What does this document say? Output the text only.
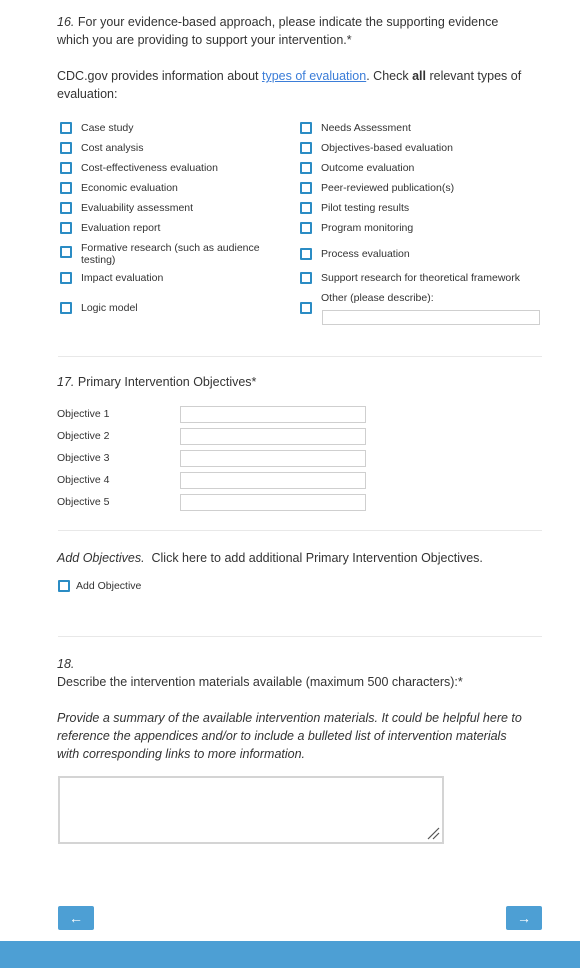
16. For your evidence-based approach, please indicate the supporting evidence which you are providing to support your intervention.*
CDC.gov provides information about types of evaluation. Check all relevant types of evaluation:
Case study
Cost analysis
Cost-effectiveness evaluation
Economic evaluation
Evaluability assessment
Evaluation report
Formative research (such as audience testing)
Impact evaluation
Logic model
Needs Assessment
Objectives-based evaluation
Outcome evaluation
Peer-reviewed publication(s)
Pilot testing results
Program monitoring
Process evaluation
Support research for theoretical framework
Other (please describe):
17. Primary Intervention Objectives*
Objective 1
Objective 2
Objective 3
Objective 4
Objective 5
Add Objectives. Click here to add additional Primary Intervention Objectives.
Add Objective
18.
Describe the intervention materials available (maximum 500 characters):*
Provide a summary of the available intervention materials. It could be helpful here to reference the appendices and/or to include a bulleted list of intervention materials with corresponding links to more information.
←	→
